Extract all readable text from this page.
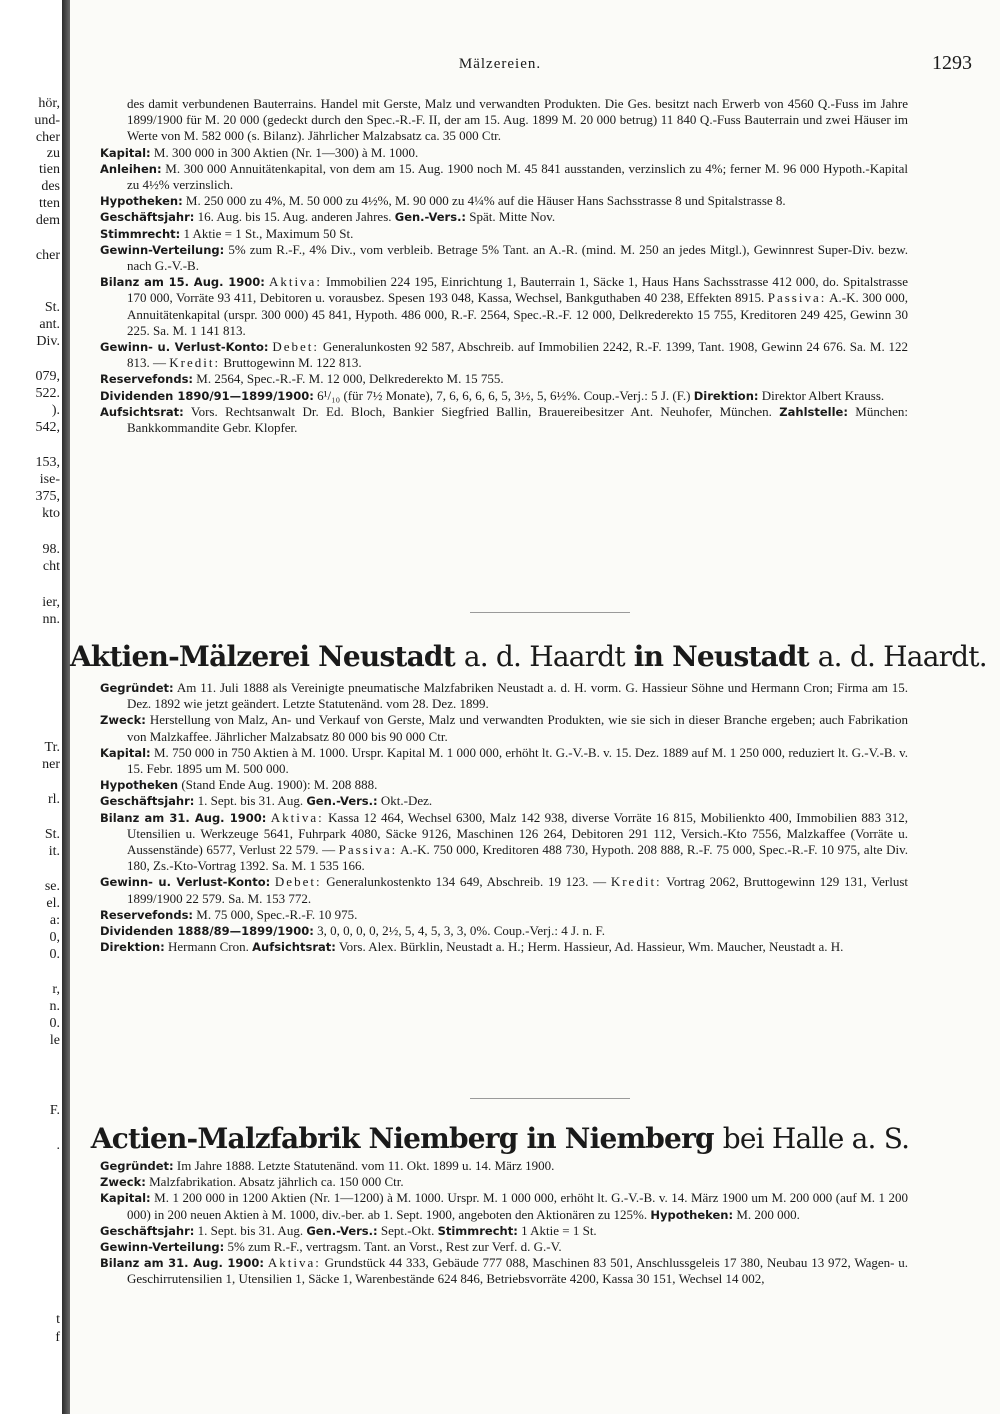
hör,
und-
cher
zu
tien
des
tten
dem
cher
St.
ant.
Div.
079,
522.
).
542,
153,
ise-
375,
kto
98.
cht
ier,
nn.
Tr.
ner
rl.
St.
it.
se.
el.
a:
0,
0.
r,
n.
0.
le
F.
.
t
f
Mälzereien.	1293

des damit verbundenen Bauterrains. Handel mit Gerste, Malz und verwandten Produkten. Die Ges. besitzt nach Erwerb von 4560 Q.-Fuss im Jahre 1899/1900 für M. 20 000 (gedeckt durch den Spec.-R.-F. II, der am 15. Aug. 1899 M. 20 000 betrug) 11 840 Q.-Fuss Bauterrain und zwei Häuser im Werte von M. 582 000 (s. Bilanz). Jährlicher Malzabsatz ca. 35 000 Ctr.

Kapital: M. 300 000 in 300 Aktien (Nr. 1—300) à M. 1000.

Anleihen: M. 300 000 Annuitätenkapital, von dem am 15. Aug. 1900 noch M. 45 841 ausstanden, verzinslich zu 4%; ferner M. 96 000 Hypoth.-Kapital zu 4½% verzinslich.

Hypotheken: M. 250 000 zu 4%, M. 50 000 zu 4½%, M. 90 000 zu 4¼% auf die Häuser Hans Sachsstrasse 8 und Spitalstrasse 8.

Geschäftsjahr: 16. Aug. bis 15. Aug. anderen Jahres. Gen.-Vers.: Spät. Mitte Nov.

Stimmrecht: 1 Aktie = 1 St., Maximum 50 St.

Gewinn-Verteilung: 5% zum R.-F., 4% Div., vom verbleib. Betrage 5% Tant. an A.-R. (mind. M. 250 an jedes Mitgl.), Gewinnrest Super-Div. bezw. nach G.-V.-B.

Bilanz am 15. Aug. 1900: Aktiva: Immobilien 224 195, Einrichtung 1, Bauterrain 1, Säcke 1, Haus Hans Sachsstrasse 412 000, do. Spitalstrasse 170 000, Vorräte 93 411, Debitoren u. vorausbez. Spesen 193 048, Kassa, Wechsel, Bankguthaben 40 238, Effekten 8915. Passiva: A.-K. 300 000, Annuitätenkapital (urspr. 300 000) 45 841, Hypoth. 486 000, R.-F. 2564, Spec.-R.-F. 12 000, Delkrederekto 15 755, Kreditoren 249 425, Gewinn 30 225. Sa. M. 1 141 813.

Gewinn- u. Verlust-Konto: Debet: Generalunkosten 92 587, Abschreib. auf Immobilien 2242, R.-F. 1399, Tant. 1908, Gewinn 24 676. Sa. M. 122 813. — Kredit: Bruttogewinn M. 122 813.

Reservefonds: M. 2564, Spec.-R.-F. M. 12 000, Delkrederekto M. 15 755.

Dividenden 1890/91—1899/1900: 6¹/₁₀ (für 7½ Monate), 7, 6, 6, 6, 6, 5, 3½, 5, 6½%. Coup.-Verj.: 5 J. (F.) Direktion: Direktor Albert Krauss.

Aufsichtsrat: Vors. Rechtsanwalt Dr. Ed. Bloch, Bankier Siegfried Ballin, Brauereibesitzer Ant. Neuhofer, München. Zahlstelle: München: Bankkommandite Gebr. Klopfer.

Aktien-Mälzerei Neustadt a. d. Haardt in Neustadt a. d. Haardt.

Gegründet: Am 11. Juli 1888 als Vereinigte pneumatische Malzfabriken Neustadt a. d. H. vorm. G. Hassieur Söhne und Hermann Cron; Firma am 15. Dez. 1892 wie jetzt geändert. Letzte Statutenänd. vom 28. Dez. 1899.

Zweck: Herstellung von Malz, An- und Verkauf von Gerste, Malz und verwandten Produkten, wie sie sich in dieser Branche ergeben; auch Fabrikation von Malzkaffee. Jährlicher Malzabsatz 80 000 bis 90 000 Ctr.

Kapital: M. 750 000 in 750 Aktien à M. 1000. Urspr. Kapital M. 1 000 000, erhöht lt. G.-V.-B. v. 15. Dez. 1889 auf M. 1 250 000, reduziert lt. G.-V.-B. v. 15. Febr. 1895 um M. 500 000.

Hypotheken (Stand Ende Aug. 1900): M. 208 888.

Geschäftsjahr: 1. Sept. bis 31. Aug. Gen.-Vers.: Okt.-Dez.

Bilanz am 31. Aug. 1900: Aktiva: Kassa 12 464, Wechsel 6300, Malz 142 938, diverse Vorräte 16 815, Mobilienkto 400, Immobilien 883 312, Utensilien u. Werkzeuge 5641, Fuhrpark 4080, Säcke 9126, Maschinen 126 264, Debitoren 291 112, Versich.-Kto 7556, Malzkaffee (Vorräte u. Aussenstände) 6577, Verlust 22 579. — Passiva: A.-K. 750 000, Kreditoren 488 730, Hypoth. 208 888, R.-F. 75 000, Spec.-R.-F. 10 975, alte Div. 180, Zs.-Kto-Vortrag 1392. Sa. M. 1 535 166.

Gewinn- u. Verlust-Konto: Debet: Generalunkostenkto 134 649, Abschreib. 19 123. — Kredit: Vortrag 2062, Bruttogewinn 129 131, Verlust 1899/1900 22 579. Sa. M. 153 772.

Reservefonds: M. 75 000, Spec.-R.-F. 10 975.

Dividenden 1888/89—1899/1900: 3, 0, 0, 0, 0, 2½, 5, 4, 5, 3, 3, 0%. Coup.-Verj.: 4 J. n. F.

Direktion: Hermann Cron. Aufsichtsrat: Vors. Alex. Bürklin, Neustadt a. H.; Herm. Hassieur, Ad. Hassieur, Wm. Maucher, Neustadt a. H.

Actien-Malzfabrik Niemberg in Niemberg bei Halle a. S.

Gegründet: Im Jahre 1888. Letzte Statutenänd. vom 11. Okt. 1899 u. 14. März 1900.

Zweck: Malzfabrikation. Absatz jährlich ca. 150 000 Ctr.

Kapital: M. 1 200 000 in 1200 Aktien (Nr. 1—1200) à M. 1000. Urspr. M. 1 000 000, erhöht lt. G.-V.-B. v. 14. März 1900 um M. 200 000 (auf M. 1 200 000) in 200 neuen Aktien à M. 1000, div.-ber. ab 1. Sept. 1900, angeboten den Aktionären zu 125%. Hypotheken: M. 200 000.

Geschäftsjahr: 1. Sept. bis 31. Aug. Gen.-Vers.: Sept.-Okt. Stimmrecht: 1 Aktie = 1 St.

Gewinn-Verteilung: 5% zum R.-F., vertragsm. Tant. an Vorst., Rest zur Verf. d. G.-V.

Bilanz am 31. Aug. 1900: Aktiva: Grundstück 44 333, Gebäude 777 088, Maschinen 83 501, Anschlussgeleis 17 380, Neubau 13 972, Wagen- u. Geschirrutensilien 1, Utensilien 1, Säcke 1, Warenbestände 624 846, Betriebsvorräte 4200, Kassa 30 151, Wechsel 14 002,
